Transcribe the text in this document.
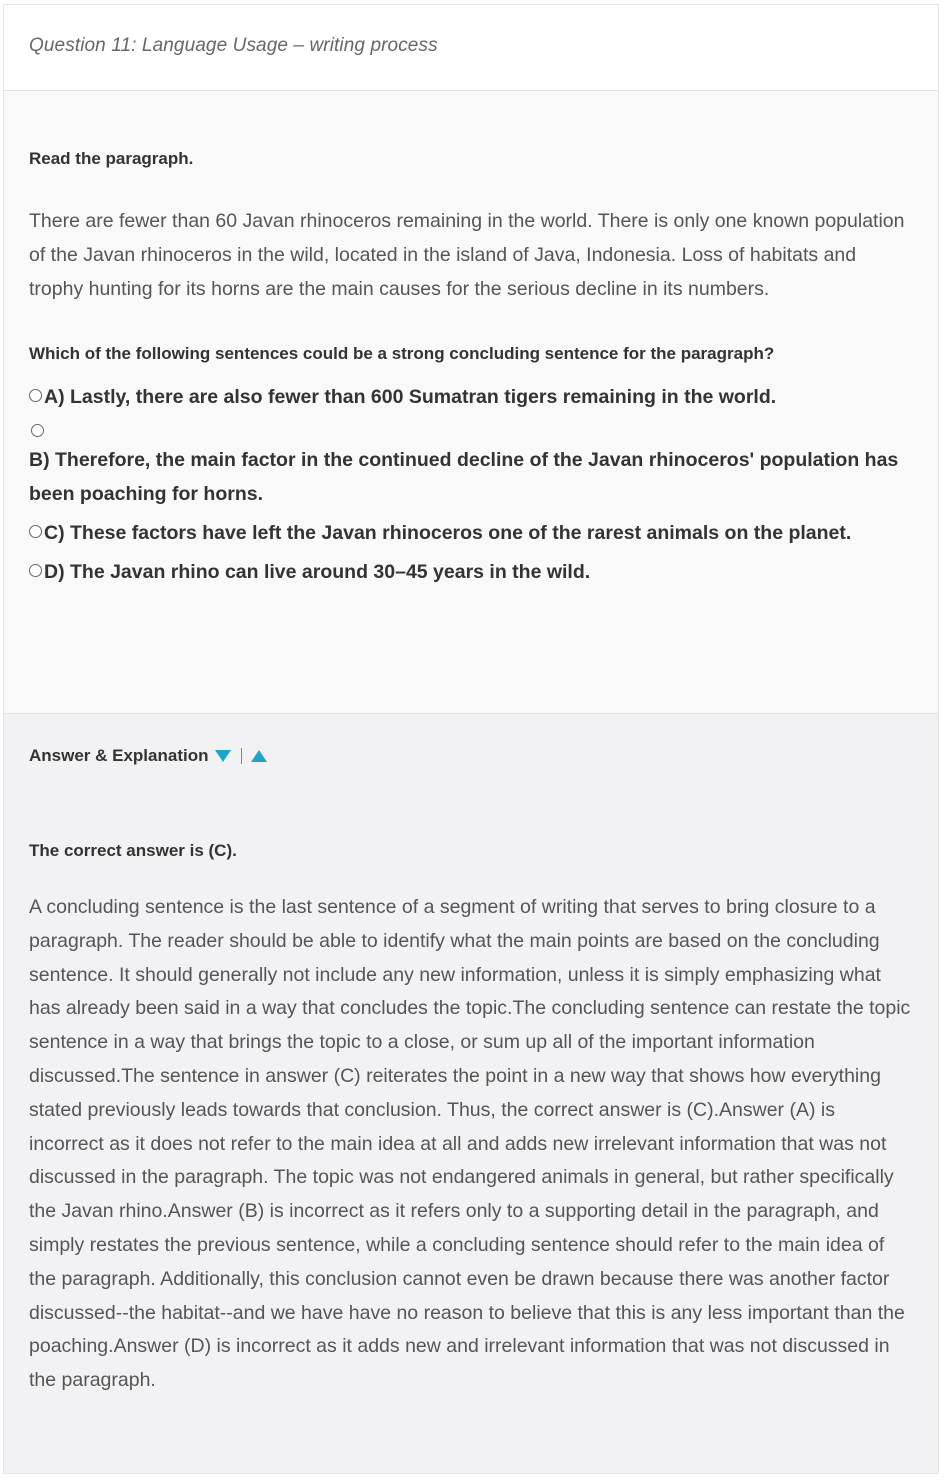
Question 11: Language Usage – writing process

Read the paragraph.

There are fewer than 60 Javan rhinoceros remaining in the world. There is only one known population of the Javan rhinoceros in the wild, located in the island of Java, Indonesia. Loss of habitats and trophy hunting for its horns are the main causes for the serious decline in its numbers.

Which of the following sentences could be a strong concluding sentence for the paragraph?

A) Lastly, there are also fewer than 600 Sumatran tigers remaining in the world.
B) Therefore, the main factor in the continued decline of the Javan rhinoceros' population has been poaching for horns.
C) These factors have left the Javan rhinoceros one of the rarest animals on the planet.
D) The Javan rhino can live around 30–45 years in the wild.
Answer & Explanation

The correct answer is (C).

A concluding sentence is the last sentence of a segment of writing that serves to bring closure to a paragraph. The reader should be able to identify what the main points are based on the concluding sentence. It should generally not include any new information, unless it is simply emphasizing what has already been said in a way that concludes the topic.The concluding sentence can restate the topic sentence in a way that brings the topic to a close, or sum up all of the important information discussed.The sentence in answer (C) reiterates the point in a new way that shows how everything stated previously leads towards that conclusion. Thus, the correct answer is (C).Answer (A) is incorrect as it does not refer to the main idea at all and adds new irrelevant information that was not discussed in the paragraph. The topic was not endangered animals in general, but rather specifically the Javan rhino.Answer (B) is incorrect as it refers only to a supporting detail in the paragraph, and simply restates the previous sentence, while a concluding sentence should refer to the main idea of the paragraph. Additionally, this conclusion cannot even be drawn because there was another factor discussed--the habitat--and we have have no reason to believe that this is any less important than the poaching.Answer (D) is incorrect as it adds new and irrelevant information that was not discussed in the paragraph.
